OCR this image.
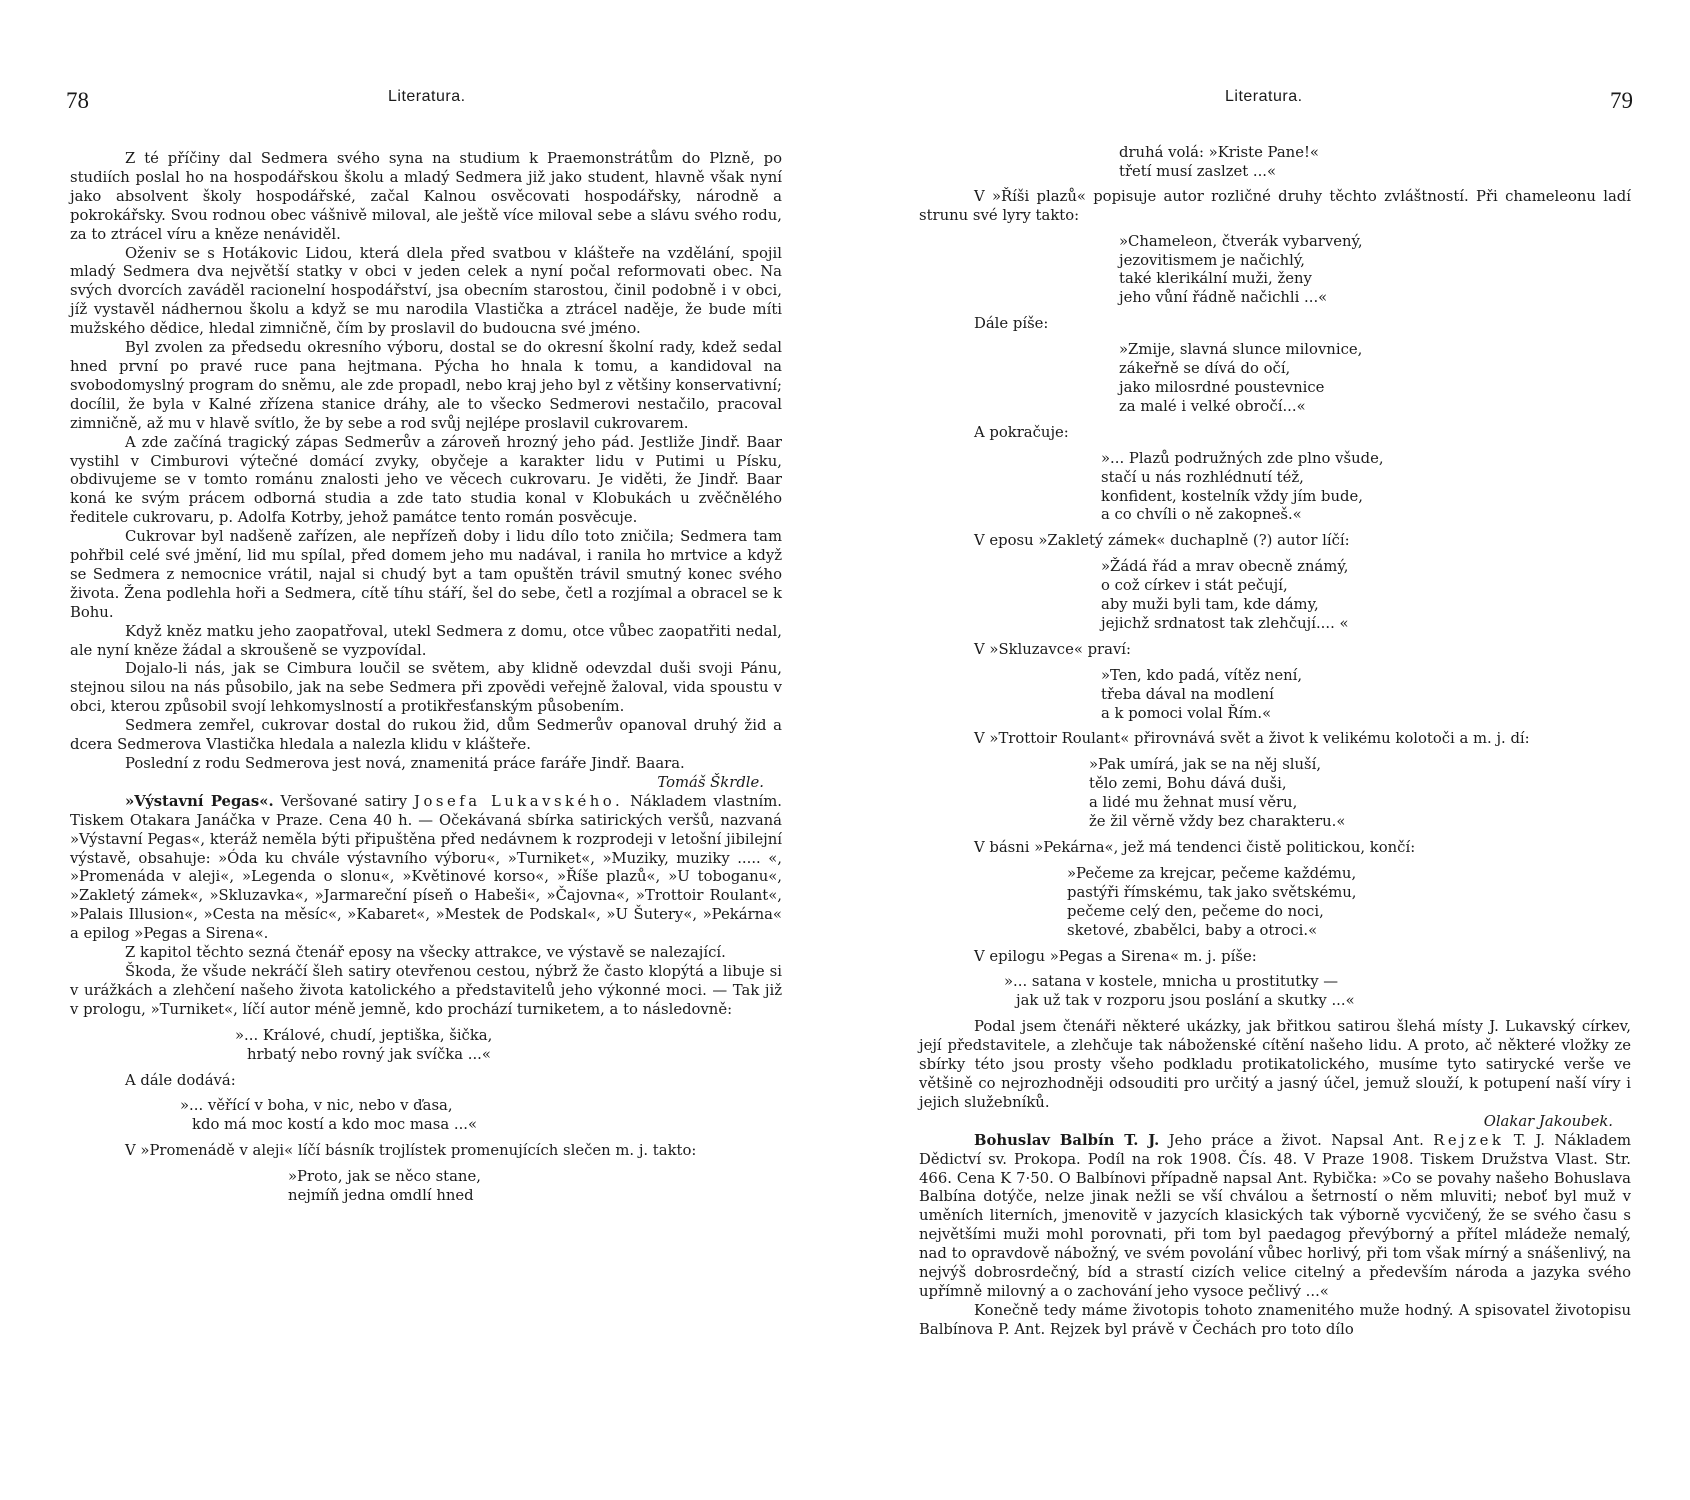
78	Literatura.

Z té příčiny dal Sedmera svého syna na studium k Praemonstrátům do Plzně, po studiích poslal ho na hospodářskou školu a mladý Sedmera již jako student, hlavně však nyní jako absolvent školy hospodářské, začal Kalnou osvěcovati hospodářsky, národně a pokrokářsky. Svou rodnou obec vášnivě miloval, ale ještě více miloval sebe a slávu svého rodu, za to ztrácel víru a kněze nenáviděl.

Oženiv se s Hotákovic Lidou, která dlela před svatbou v klášteře na vzdělání, spojil mladý Sedmera dva největší statky v obci v jeden celek a nyní počal reformovati obec. Na svých dvorcích zaváděl racionelní hospodářství, jsa obecním starostou, činil podobně i v obci, jíž vystavěl nádhernou školu a když se mu narodila Vlastička a ztrácel naděje, že bude míti mužského dědice, hledal zimničně, čím by proslavil do budoucna své jméno.

Byl zvolen za předsedu okresního výboru, dostal se do okresní školní rady, kdež sedal hned první po pravé ruce pana hejtmana. Pýcha ho hnala k tomu, a kandidoval na svobodomyslný program do sněmu, ale zde propadl, nebo kraj jeho byl z většiny konservativní; docílil, že byla v Kalné zřízena stanice dráhy, ale to všecko Sedmerovi nestačilo, pracoval zimničně, až mu v hlavě svítlo, že by sebe a rod svůj nejlépe proslavil cukrovarem.

A zde začíná tragický zápas Sedmerův a zároveň hrozný jeho pád. Jestliže Jindř. Baar vystihl v Cimburovi výtečné domácí zvyky, obyčeje a karakter lidu v Putimi u Písku, obdivujeme se v tomto románu znalosti jeho ve věcech cukrovaru. Je viděti, že Jindř. Baar koná ke svým prácem odborná studia a zde tato studia konal v Klobukách u zvěčnělého ředitele cukrovaru, p. Adolfa Kotrby, jehož památce tento román posvěcuje.

Cukrovar byl nadšeně zařízen, ale nepřízeň doby i lidu dílo toto zničila; Sedmera tam pohřbil celé své jmění, lid mu spílal, před domem jeho mu nadával, i ranila ho mrtvice a když se Sedmera z nemocnice vrátil, najal si chudý byt a tam opuštěn trávil smutný konec svého života. Žena podlehla hoři a Sedmera, cítě tíhu stáří, šel do sebe, četl a rozjímal a obracel se k Bohu.

Když kněz matku jeho zaopatřoval, utekl Sedmera z domu, otce vůbec zaopatřiti nedal, ale nyní kněze žádal a skroušeně se vyzpovídal.

Dojalo-li nás, jak se Cimbura loučil se světem, aby klidně odevzdal duši svoji Pánu, stejnou silou na nás působilo, jak na sebe Sedmera při zpovědi veřejně žaloval, vida spoustu v obci, kterou způsobil svojí lehkomyslností a protikřesťanským působením.

Sedmera zemřel, cukrovar dostal do rukou žid, dům Sedmerův opanoval druhý žid a dcera Sedmerova Vlastička hledala a nalezla klidu v klášteře.

Poslední z rodu Sedmerova jest nová, znamenitá práce faráře Jindř. Baara.

Tomáš Škrdle.

»Výstavní Pegas«. Veršované satiry Josefa Lukavského. Nákladem vlastním. Tiskem Otakara Janáčka v Praze. Cena 40 h. — Očekávaná sbírka satirických veršů, nazvaná »Výstavní Pegas«, kteráž neměla býti připuštěna před nedávnem k rozprodeji v letošní jibilejní výstavě, obsahuje: »Óda ku chvále výstavního výboru«, »Turniket«, »Muziky, muziky ..... «, »Promenáda v aleji«, »Legenda o slonu«, »Květinové korso«, »Říše plazů«, »U toboganu«, »Zakletý zámek«, »Skluzavka«, »Jarmareční píseň o Habeši«, »Čajovna«, »Trottoir Roulant«, »Palais Illusion«, »Cesta na měsíc«, »Kabaret«, »Mestek de Podskal«, »U Šutery«, »Pekárna« a epilog »Pegas a Sirena«.

Z kapitol těchto sezná čtenář eposy na všecky attrakce, ve výstavě se nalezající.

Škoda, že všude nekráčí šleh satiry otevřenou cestou, nýbrž že často klopýtá a libuje si v urážkách a zlehčení našeho života katolického a představitelů jeho výkonné moci. — Tak již v prologu, »Turniket«, líčí autor méně jemně, kdo prochází turniketem, a to následovně:

»... Králové, chudí, jeptiška, šička,
hrbatý nebo rovný jak svíčka ...«

A dále dodává:

»... věřící v boha, v nic, nebo v ďasa,
kdo má moc kostí a kdo moc masa ...«

V »Promenádě v aleji« líčí básník trojlístek promenujících slečen m. j. takto:

»Proto, jak se něco stane,
nejmíň jedna omdlí hned
Literatura.	79
druhá volá: »Kriste Pane!«
třetí musí zaslzet ...«

V »Říši plazů« popisuje autor rozličné druhy těchto zvláštností. Při chameleonu ladí strunu své lyry takto:

»Chameleon, čtverák vybarvený,
jezovitismem je načichlý,
také klerikální muži, ženy
jeho vůní řádně načichli ...«

Dále píše:

»Zmije, slavná slunce milovnice,
zákeřně se dívá do očí,
jako milosrdné poustevnice
za malé i velké obročí...«

A pokračuje:

»... Plazů podružných zde plno všude,
stačí u nás rozhlédnutí též,
konfident, kostelník vždy jím bude,
a co chvíli o ně zakopneš.«

V eposu »Zakletý zámek« duchaplně (?) autor líčí:

»Žádá řád a mrav obecně známý,
o což církev i stát pečují,
aby muži byli tam, kde dámy,
jejichž srdnatost tak zlehčují.... «

V »Skluzavce« praví:

»Ten, kdo padá, vítěz není,
třeba dával na modlení
a k pomoci volal Řím.«

V »Trottoir Roulant« přirovnává svět a život k velikému kolotoči a m. j. dí:

»Pak umírá, jak se na něj sluší,
tělo zemi, Bohu dává duši,
a lidé mu žehnat musí věru,
že žil věrně vždy bez charakteru.«

V básni »Pekárna«, jež má tendenci čistě politickou, končí:

»Pečeme za krejcar, pečeme každému,
pastýři římskému, tak jako světskému,
pečeme celý den, pečeme do noci,
sketové, zbabělci, baby a otroci.«

V epilogu »Pegas a Sirena« m. j. píše:

»... satana v kostele, mnicha u prostitutky —
jak už tak v rozporu jsou poslání a skutky ...«

Podal jsem čtenáři některé ukázky, jak břitkou satirou šlehá místy J. Lukavský církev, její představitele, a zlehčuje tak náboženské cítění našeho lidu. A proto, ač některé vložky ze sbírky této jsou prosty všeho podkladu protikatolického, musíme tyto satirycké verše ve většině co nejrozhodněji odsouditi pro určitý a jasný účel, jemuž slouží, k potupení naší víry i jejich služebníků.

Olakar Jakoubek.

Bohuslav Balbín T. J. Jeho práce a život. Napsal Ant. Rejzek T. J. Nákladem Dědictví sv. Prokopa. Podíl na rok 1908. Čís. 48. V Praze 1908. Tiskem Družstva Vlast. Str. 466. Cena K 7·50. O Balbínovi případně napsal Ant. Rybička: »Co se povahy našeho Bohuslava Balbína dotýče, nelze jinak nežli se vší chválou a šetrností o něm mluviti; neboť byl muž v uměních literních, jmenovitě v jazycích klasických tak výborně vycvičený, že se svého času s největšími muži mohl porovnati, při tom byl paedagog převýborný a přítel mládeže nemalý, nad to opravdově nábožný, ve svém povolání vůbec horlivý, při tom však mírný a snášenlivý, na nejvýš dobrosrdečný, bíd a strastí cizích velice citelný a především národa a jazyka svého upřímně milovný a o zachování jeho vysoce pečlivý ...«

Konečně tedy máme životopis tohoto znamenitého muže hodný. A spisovatel životopisu Balbínova P. Ant. Rejzek byl právě v Čechách pro toto dílo
